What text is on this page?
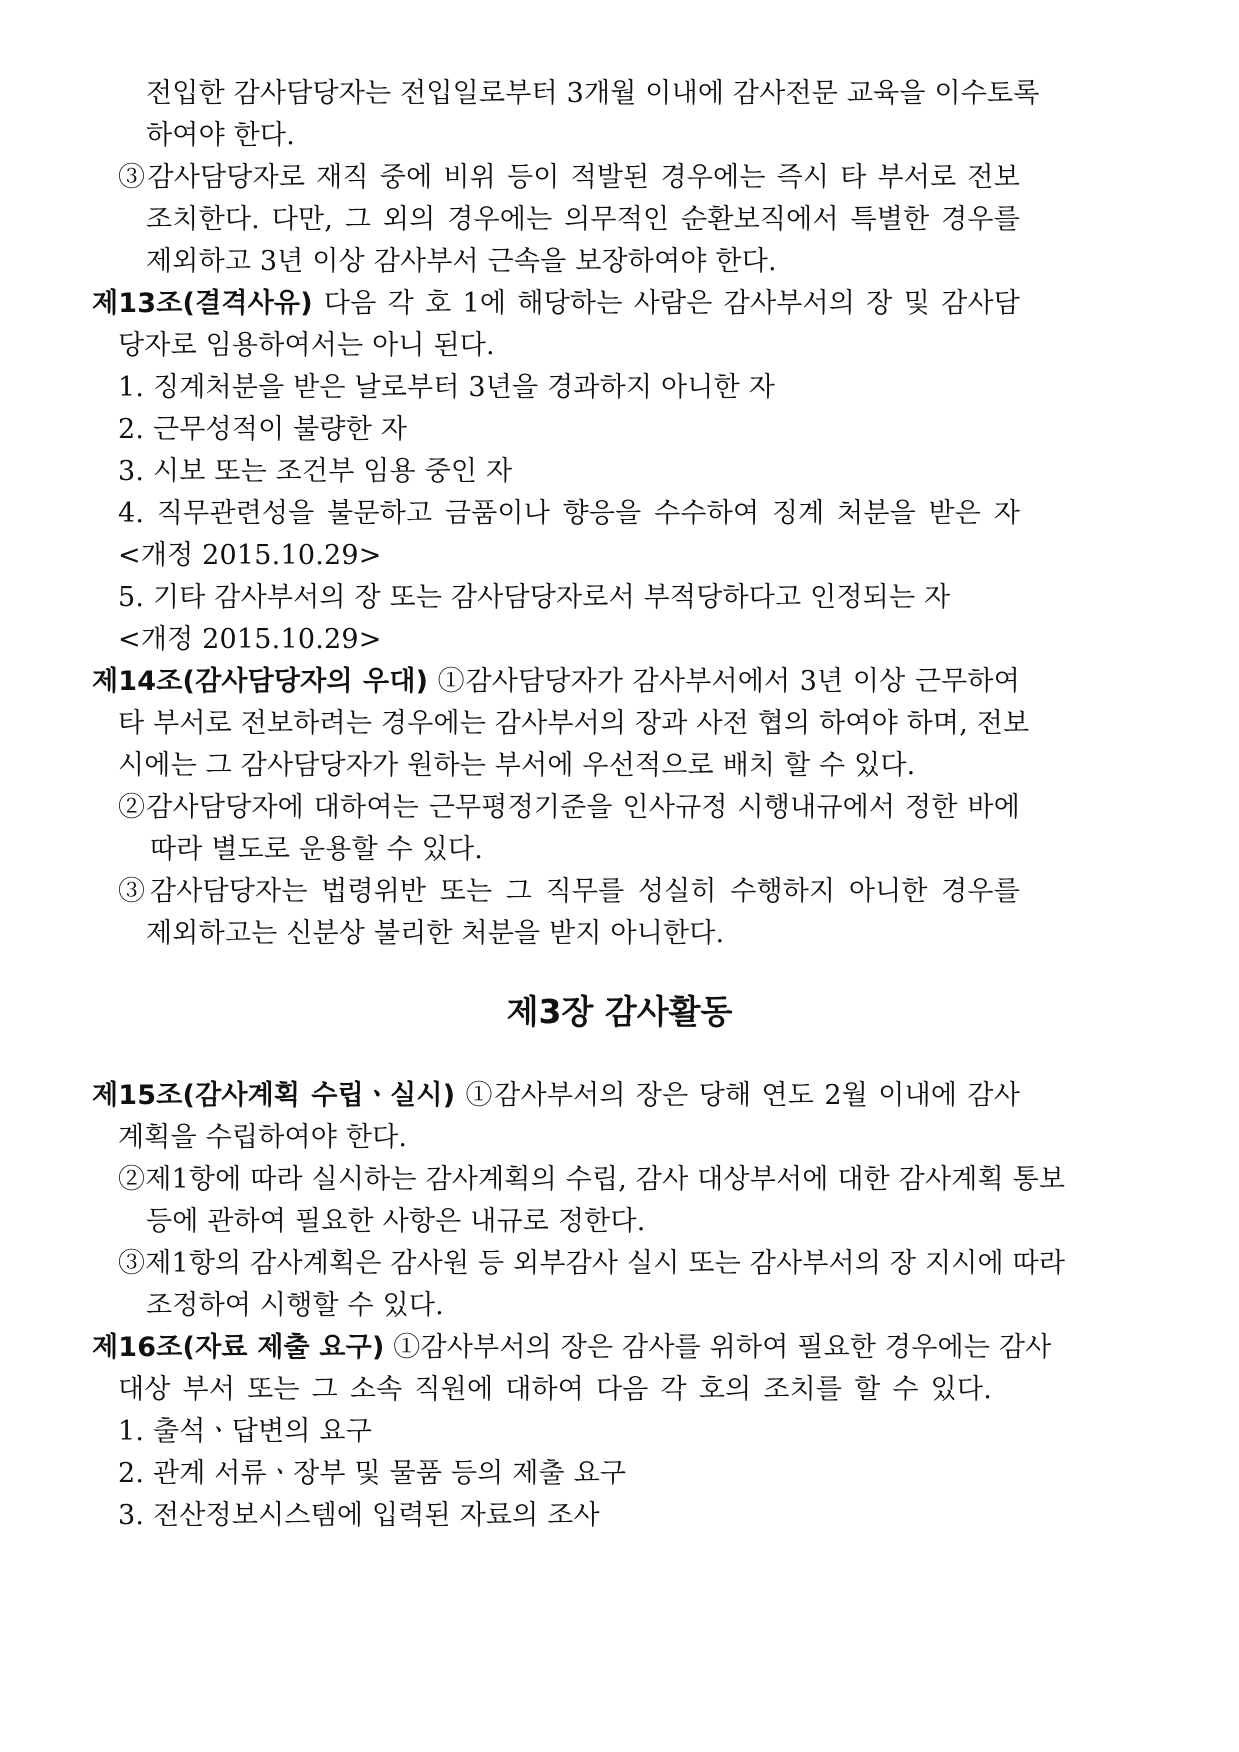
전입한 감사담당자는 전입일로부터 3개월 이내에 감사전문 교육을 이수토록
하여야 한다.
③감사담당자로 재직 중에 비위 등이 적발된 경우에는 즉시 타 부서로 전보
조치한다. 다만, 그 외의 경우에는 의무적인 순환보직에서 특별한 경우를
제외하고 3년 이상 감사부서 근속을 보장하여야 한다.
제13조(결격사유) 다음 각 호 1에 해당하는 사람은 감사부서의 장 및 감사담
당자로 임용하여서는 아니 된다.
1. 징계처분을 받은 날로부터 3년을 경과하지 아니한 자
2. 근무성적이 불량한 자
3. 시보 또는 조건부 임용 중인 자
4. 직무관련성을 불문하고 금품이나 향응을 수수하여 징계 처분을 받은 자
<개정 2015.10.29>
5. 기타 감사부서의 장 또는 감사담당자로서 부적당하다고 인정되는 자
<개정 2015.10.29>
제14조(감사담당자의 우대) ①감사담당자가 감사부서에서 3년 이상 근무하여
타 부서로 전보하려는 경우에는 감사부서의 장과 사전 협의 하여야 하며, 전보
시에는 그 감사담당자가 원하는 부서에 우선적으로 배치 할 수 있다.
②감사담당자에 대하여는 근무평정기준을 인사규정 시행내규에서 정한 바에
따라 별도로 운용할 수 있다.
③감사담당자는 법령위반 또는 그 직무를 성실히 수행하지 아니한 경우를
제외하고는 신분상 불리한 처분을 받지 아니한다.
제3장 감사활동
제15조(감사계획 수립ㆍ실시) ①감사부서의 장은 당해 연도 2월 이내에 감사
계획을 수립하여야 한다.
②제1항에 따라 실시하는 감사계획의 수립, 감사 대상부서에 대한 감사계획 통보
등에 관하여 필요한 사항은 내규로 정한다.
③제1항의 감사계획은 감사원 등 외부감사 실시 또는 감사부서의 장 지시에 따라
조정하여 시행할 수 있다.
제16조(자료 제출 요구) ①감사부서의 장은 감사를 위하여 필요한 경우에는 감사
대상 부서 또는 그 소속 직원에 대하여 다음 각 호의 조치를 할 수 있다.
1. 출석ㆍ답변의 요구
2. 관계 서류ㆍ장부 및 물품 등의 제출 요구
3. 전산정보시스템에 입력된 자료의 조사
